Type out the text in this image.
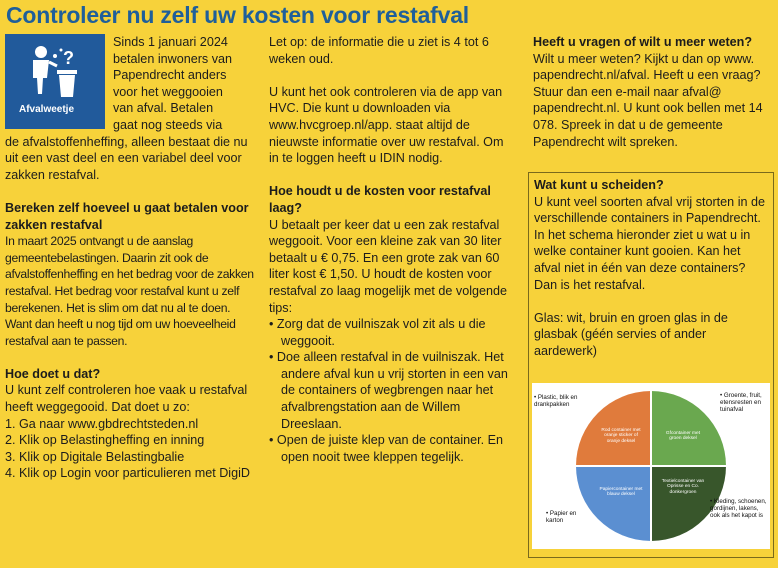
Controleer nu zelf uw kosten voor restafval
?
Afvalweetje
Sinds 1 januari 2024
betalen inwoners van
Papendrecht anders
voor het weggooien
van afval. Betalen
gaat nog steeds via

de afvalstoffenheffing, alleen bestaat die nu uit een vast deel en een variabel deel voor zakken restafval.

Bereken zelf hoeveel u gaat betalen voor zakken restafval

In maart 2025 ontvangt u de aanslag gemeentebelastingen. Daarin zit ook de afvalstoffenheffing en het bedrag voor de zakken restafval. Het bedrag voor restafval kunt u zelf berekenen. Het is slim om dat nu al te doen. Want dan heeft u nog tijd om uw hoeveelheid restafval aan te passen.

Hoe doet u dat?

U kunt zelf controleren hoe vaak u restafval heeft weggegooid. Dat doet u zo:

1. Ga naar www.gbdrechtsteden.nl
2. Klik op Belastingheffing en inning
3. Klik op Digitale Belastingbalie
4. Klik op Login voor particulieren met DigiD

Let op: de informatie die u ziet is 4 tot 6 weken oud.

U kunt het ook controleren via de app van HVC. Die kunt u downloaden via www.hvcgroep.nl/app. staat altijd de nieuwste informatie over uw restafval. Om in te loggen heeft u IDIN nodig.

Hoe houdt u de kosten voor restafval laag?

U betaalt per keer dat u een zak restafval weggooit. Voor een kleine zak van 30 liter betaalt u € 0,75. En een grote zak van 60 liter kost € 1,50. U houdt de kosten voor restafval zo laag mogelijk met de volgende tips:

• Zorg dat de vuilniszak vol zit als u die weggooit.
• Doe alleen restafval in de vuilniszak. Het andere afval kun u vrij storten in een van de containers of wegbrengen naar het afvalbrengstation aan de Willem Dreeslaan.
• Open de juiste klep van de container. En open nooit twee kleppen tegelijk.

Heeft u vragen of wilt u meer weten?

Wilt u meer weten? Kijkt u dan op www. papendrecht.nl/afval. Heeft u een vraag? Stuur dan een e-mail naar afval@ papendrecht.nl. U kunt ook bellen met 14 078. Spreek in dat u de gemeente Papendrecht wilt spreken.

Wat kunt u scheiden?

U kunt veel soorten afval vrij storten in de verschillende containers in Papendrecht. In het schema hieronder ziet u wat u in welke container kunt gooien. Kan het afval niet in één van deze containers? Dan is het restafval.

Glas: wit, bruin en groen glas in de glasbak (géén servies of ander aardewerk)

Rod container met oranje sticker of oranje deksel
Gfcontainer met groen deksel
Papiercontainer met blauw deksel
Textielcontainer van Oprisse en Co. donkergroen
• Plastic, blik en drankpakken
• Groente, fruit, etensresten en tuinafval
• Papier en karton
• Kleding, schoenen, gordijnen, lakens, ook als het kapot is
